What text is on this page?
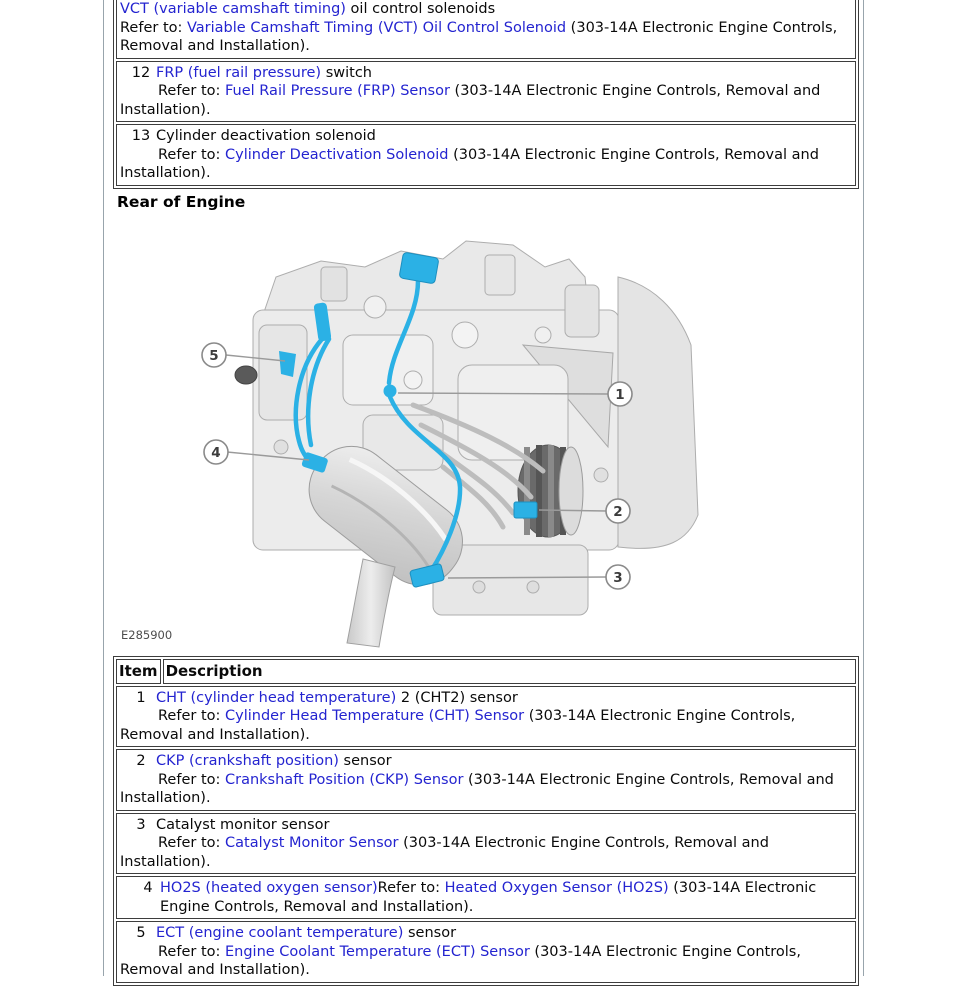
VCT (variable camshaft timing) oil control solenoids
Refer to: Variable Camshaft Timing (VCT) Oil Control Solenoid (303-14A Electronic Engine Controls, Removal and Installation).

12 FRP (fuel rail pressure) switch
Refer to: Fuel Rail Pressure (FRP) Sensor (303-14A Electronic Engine Controls, Removal and Installation).

13 Cylinder deactivation solenoid
Refer to: Cylinder Deactivation Solenoid (303-14A Electronic Engine Controls, Removal and Installation).
Rear of Engine
1
2
3
4
5
E285900
Item	Description

1 CHT (cylinder head temperature) 2 (CHT2) sensor
Refer to: Cylinder Head Temperature (CHT) Sensor (303-14A Electronic Engine Controls, Removal and Installation).

2 CKP (crankshaft position) sensor
Refer to: Crankshaft Position (CKP) Sensor (303-14A Electronic Engine Controls, Removal and Installation).

3 Catalyst monitor sensor
Refer to: Catalyst Monitor Sensor (303-14A Electronic Engine Controls, Removal and Installation).

4 HO2S (heated oxygen sensor)Refer to: Heated Oxygen Sensor (HO2S) (303-14A Electronic Engine Controls, Removal and Installation).

5 ECT (engine coolant temperature) sensor
Refer to: Engine Coolant Temperature (ECT) Sensor (303-14A Electronic Engine Controls, Removal and Installation).
